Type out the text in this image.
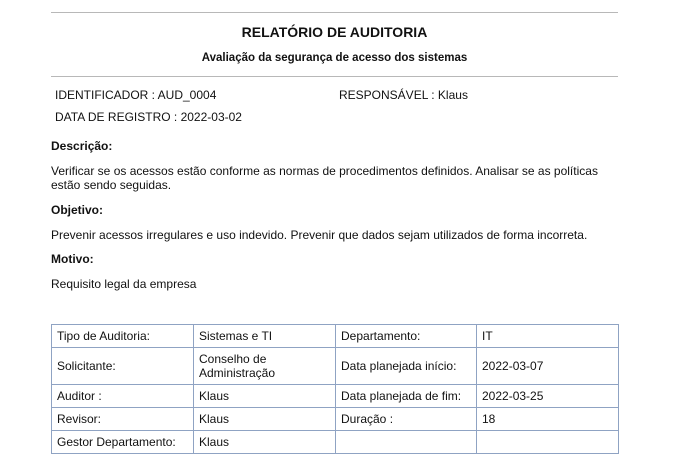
RELATÓRIO DE AUDITORIA
Avaliação da segurança de acesso dos sistemas
IDENTIFICADOR : AUD_0004	RESPONSÁVEL : Klaus
DATA DE REGISTRO : 2022-03-02
Descrição:
Verificar se os acessos estão conforme as normas de procedimentos definidos. Analisar se as políticas estão sendo seguidas.
Objetivo:
Prevenir acessos irregulares e uso indevido. Prevenir que dados sejam utilizados de forma incorreta.
Motivo:
Requisito legal da empresa
Tipo de Auditoria:	Sistemas e TI	Departamento:	IT
Solicitante:	Conselho de Administração	Data planejada início:	2022-03-07
Auditor :	Klaus	Data planejada de fim:	2022-03-25
Revisor:	Klaus	Duração :	18
Gestor Departamento:	Klaus		
